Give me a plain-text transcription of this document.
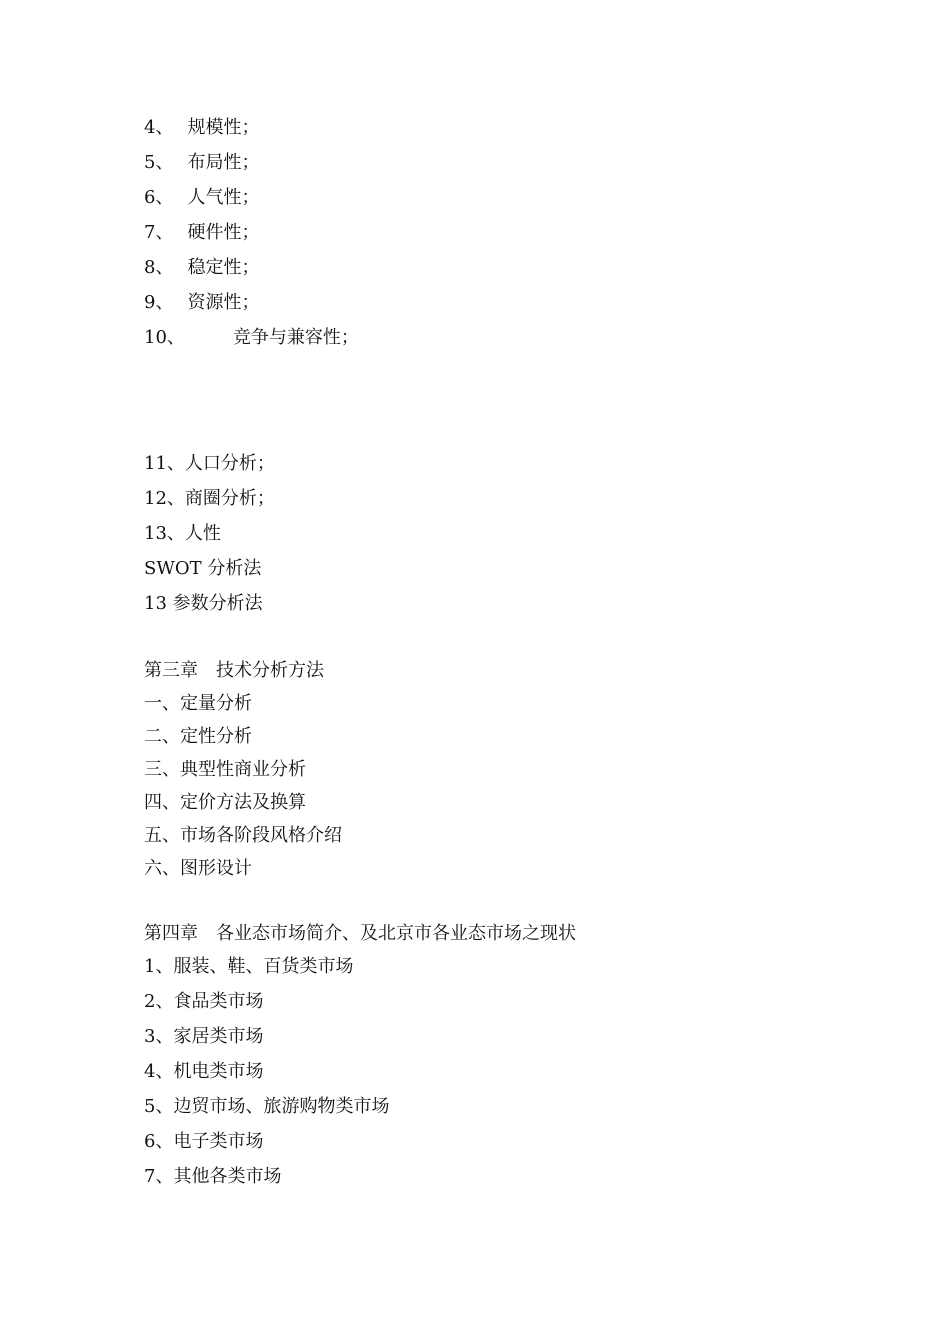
4、 规模性；
5、 布局性；
6、 人气性；
7、 硬件性；
8、 稳定性；
9、 资源性；
10、	竞争与兼容性；
11、人口分析；
12、商圈分析；
13、人性
SWOT 分析法
13 参数分析法
第三章 技术分析方法
一、定量分析
二、定性分析
三、典型性商业分析
四、定价方法及换算
五、市场各阶段风格介绍
六、图形设计
第四章 各业态市场简介、及北京市各业态市场之现状
1、服装、鞋、百货类市场
2、食品类市场
3、家居类市场
4、机电类市场
5、边贸市场、旅游购物类市场
6、电子类市场
7、其他各类市场
